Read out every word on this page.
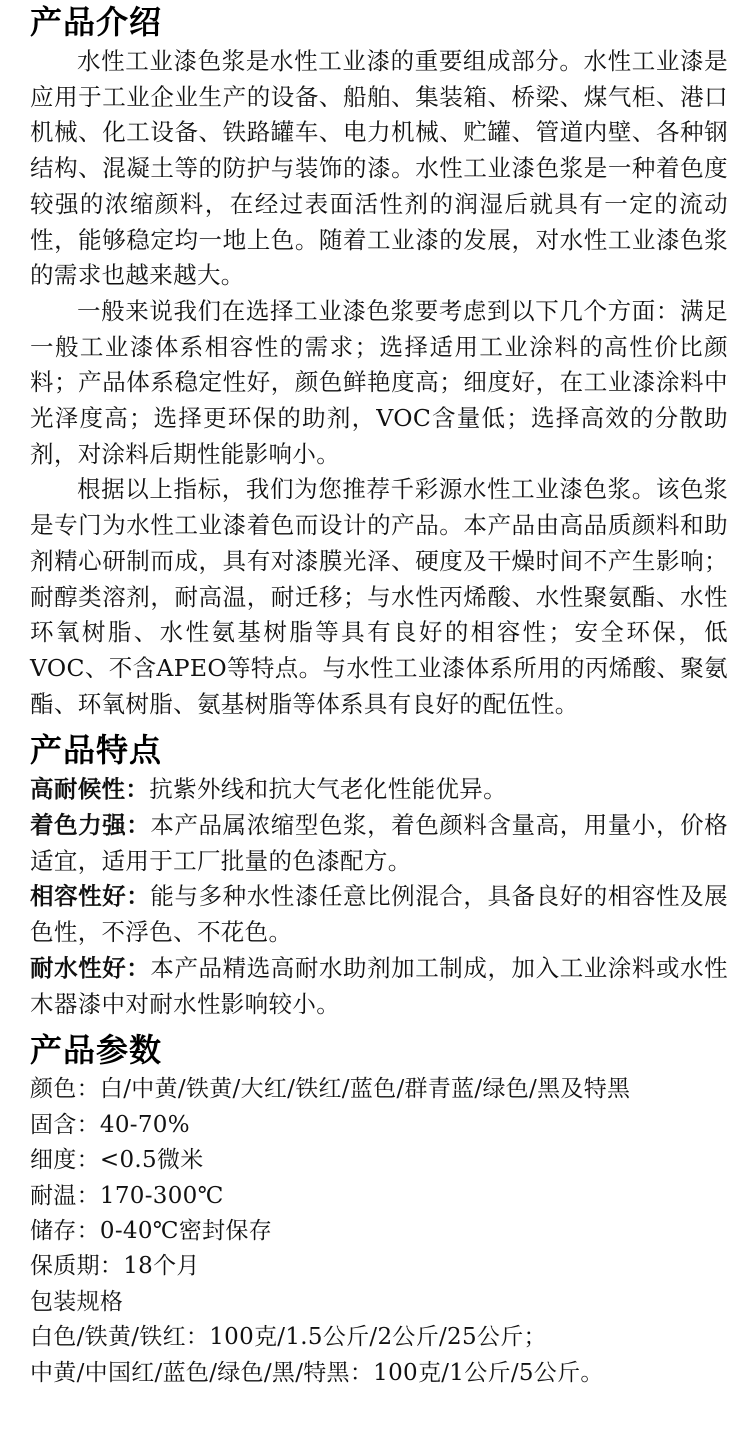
产品介绍

水性工业漆色浆是水性工业漆的重要组成部分。水性工业漆是应用于工业企业生产的设备、船舶、集装箱、桥梁、煤气柜、港口机械、化工设备、铁路罐车、电力机械、贮罐、管道内壁、各种钢结构、混凝土等的防护与装饰的漆。水性工业漆色浆是一种着色度较强的浓缩颜料，在经过表面活性剂的润湿后就具有一定的流动性，能够稳定均一地上色。随着工业漆的发展，对水性工业漆色浆的需求也越来越大。

一般来说我们在选择工业漆色浆要考虑到以下几个方面：满足一般工业漆体系相容性的需求；选择适用工业涂料的高性价比颜料；产品体系稳定性好，颜色鲜艳度高；细度好，在工业漆涂料中光泽度高；选择更环保的助剂，VOC含量低；选择高效的分散助剂，对涂料后期性能影响小。

根据以上指标，我们为您推荐千彩源水性工业漆色浆。该色浆是专门为水性工业漆着色而设计的产品。本产品由高品质颜料和助剂精心研制而成，具有对漆膜光泽、硬度及干燥时间不产生影响；耐醇类溶剂，耐高温，耐迁移；与水性丙烯酸、水性聚氨酯、水性环氧树脂、水性氨基树脂等具有良好的相容性；安全环保，低VOC、不含APEO等特点。与水性工业漆体系所用的丙烯酸、聚氨酯、环氧树脂、氨基树脂等体系具有良好的配伍性。

产品特点

高耐候性：抗紫外线和抗大气老化性能优异。

着色力强：本产品属浓缩型色浆，着色颜料含量高，用量小，价格适宜，适用于工厂批量的色漆配方。

相容性好：能与多种水性漆任意比例混合，具备良好的相容性及展色性，不浮色、不花色。

耐水性好：本产品精选高耐水助剂加工制成，加入工业涂料或水性木器漆中对耐水性影响较小。

产品参数

颜色：白/中黄/铁黄/大红/铁红/蓝色/群青蓝/绿色/黑及特黑

固含：40-70%

细度：<0.5微米

耐温：170-300℃

储存：0-40℃密封保存

保质期：18个月

包装规格

白色/铁黄/铁红：100克/1.5公斤/2公斤/25公斤；

中黄/中国红/蓝色/绿色/黑/特黑：100克/1公斤/5公斤。
